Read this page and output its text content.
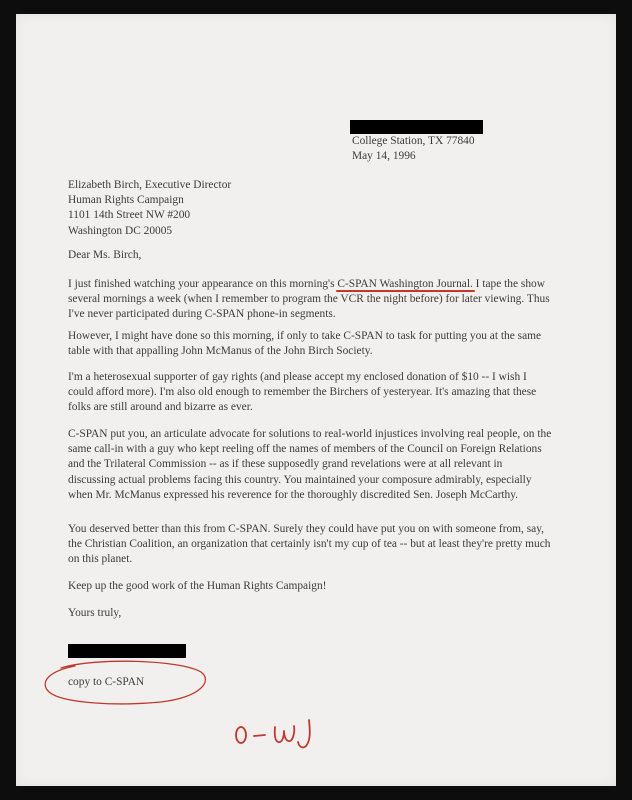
College Station, TX 77840
May 14, 1996
Elizabeth Birch, Executive Director
Human Rights Campaign
1101 14th Street NW #200
Washington DC 20005
Dear Ms. Birch,
I just finished watching your appearance on this morning's C-SPAN Washington Journal. I tape the show several mornings a week (when I remember to program the VCR the night before) for later viewing. Thus I've never participated during C-SPAN phone-in segments.
However, I might have done so this morning, if only to take C-SPAN to task for putting you at the same table with that appalling John McManus of the John Birch Society.
I'm a heterosexual supporter of gay rights (and please accept my enclosed donation of $10 -- I wish I could afford more). I'm also old enough to remember the Birchers of yesteryear. It's amazing that these folks are still around and bizarre as ever.
C-SPAN put you, an articulate advocate for solutions to real-world injustices involving real people, on the same call-in with a guy who kept reeling off the names of members of the Council on Foreign Relations and the Trilateral Commission -- as if these supposedly grand revelations were at all relevant in discussing actual problems facing this country. You maintained your composure admirably, especially when Mr. McManus expressed his reverence for the thoroughly discredited Sen. Joseph McCarthy.
You deserved better than this from C-SPAN. Surely they could have put you on with someone from, say, the Christian Coalition, an organization that certainly isn't my cup of tea -- but at least they're pretty much on this planet.
Keep up the good work of the Human Rights Campaign!
Yours truly,
copy to C-SPAN
